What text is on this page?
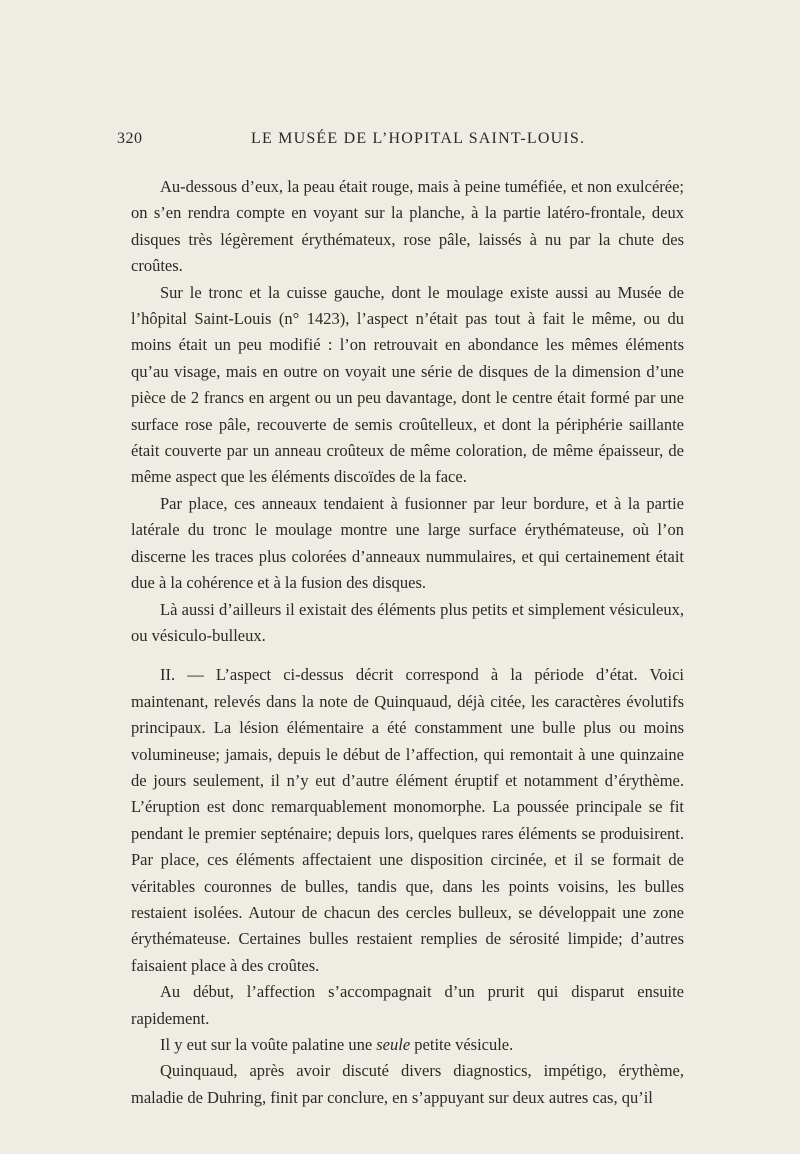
320	LE MUSÉE DE L’HOPITAL SAINT-LOUIS.

Au-dessous d’eux, la peau était rouge, mais à peine tuméfiée, et non exulcérée; on s’en rendra compte en voyant sur la planche, à la partie latéro-frontale, deux disques très légèrement érythémateux, rose pâle, laissés à nu par la chute des croûtes.

Sur le tronc et la cuisse gauche, dont le moulage existe aussi au Musée de l’hôpital Saint-Louis (n° 1423), l’aspect n’était pas tout à fait le même, ou du moins était un peu modifié : l’on retrouvait en abondance les mêmes éléments qu’au visage, mais en outre on voyait une série de disques de la dimension d’une pièce de 2 francs en argent ou un peu davantage, dont le centre était formé par une surface rose pâle, recouverte de semis croûtelleux, et dont la périphérie saillante était couverte par un anneau croûteux de même coloration, de même épaisseur, de même aspect que les éléments discoïdes de la face.

Par place, ces anneaux tendaient à fusionner par leur bordure, et à la partie latérale du tronc le moulage montre une large surface érythémateuse, où l’on discerne les traces plus colorées d’anneaux nummulaires, et qui certainement était due à la cohérence et à la fusion des disques.

Là aussi d’ailleurs il existait des éléments plus petits et simplement vésiculeux, ou vésiculo-bulleux.

II. — L’aspect ci-dessus décrit correspond à la période d’état. Voici maintenant, relevés dans la note de Quinquaud, déjà citée, les caractères évolutifs principaux. La lésion élémentaire a été constamment une bulle plus ou moins volumineuse; jamais, depuis le début de l’affection, qui remontait à une quinzaine de jours seulement, il n’y eut d’autre élément éruptif et notamment d’érythème. L’éruption est donc remarquablement monomorphe. La poussée principale se fit pendant le premier septénaire; depuis lors, quelques rares éléments se produisirent. Par place, ces éléments affectaient une disposition circinée, et il se formait de véritables couronnes de bulles, tandis que, dans les points voisins, les bulles restaient isolées. Autour de chacun des cercles bulleux, se développait une zone érythémateuse. Certaines bulles restaient remplies de sérosité limpide; d’autres faisaient place à des croûtes.

Au début, l’affection s’accompagnait d’un prurit qui disparut ensuite rapidement.

Il y eut sur la voûte palatine une seule petite vésicule.

Quinquaud, après avoir discuté divers diagnostics, impétigo, érythème, maladie de Duhring, finit par conclure, en s’appuyant sur deux autres cas, qu’il
